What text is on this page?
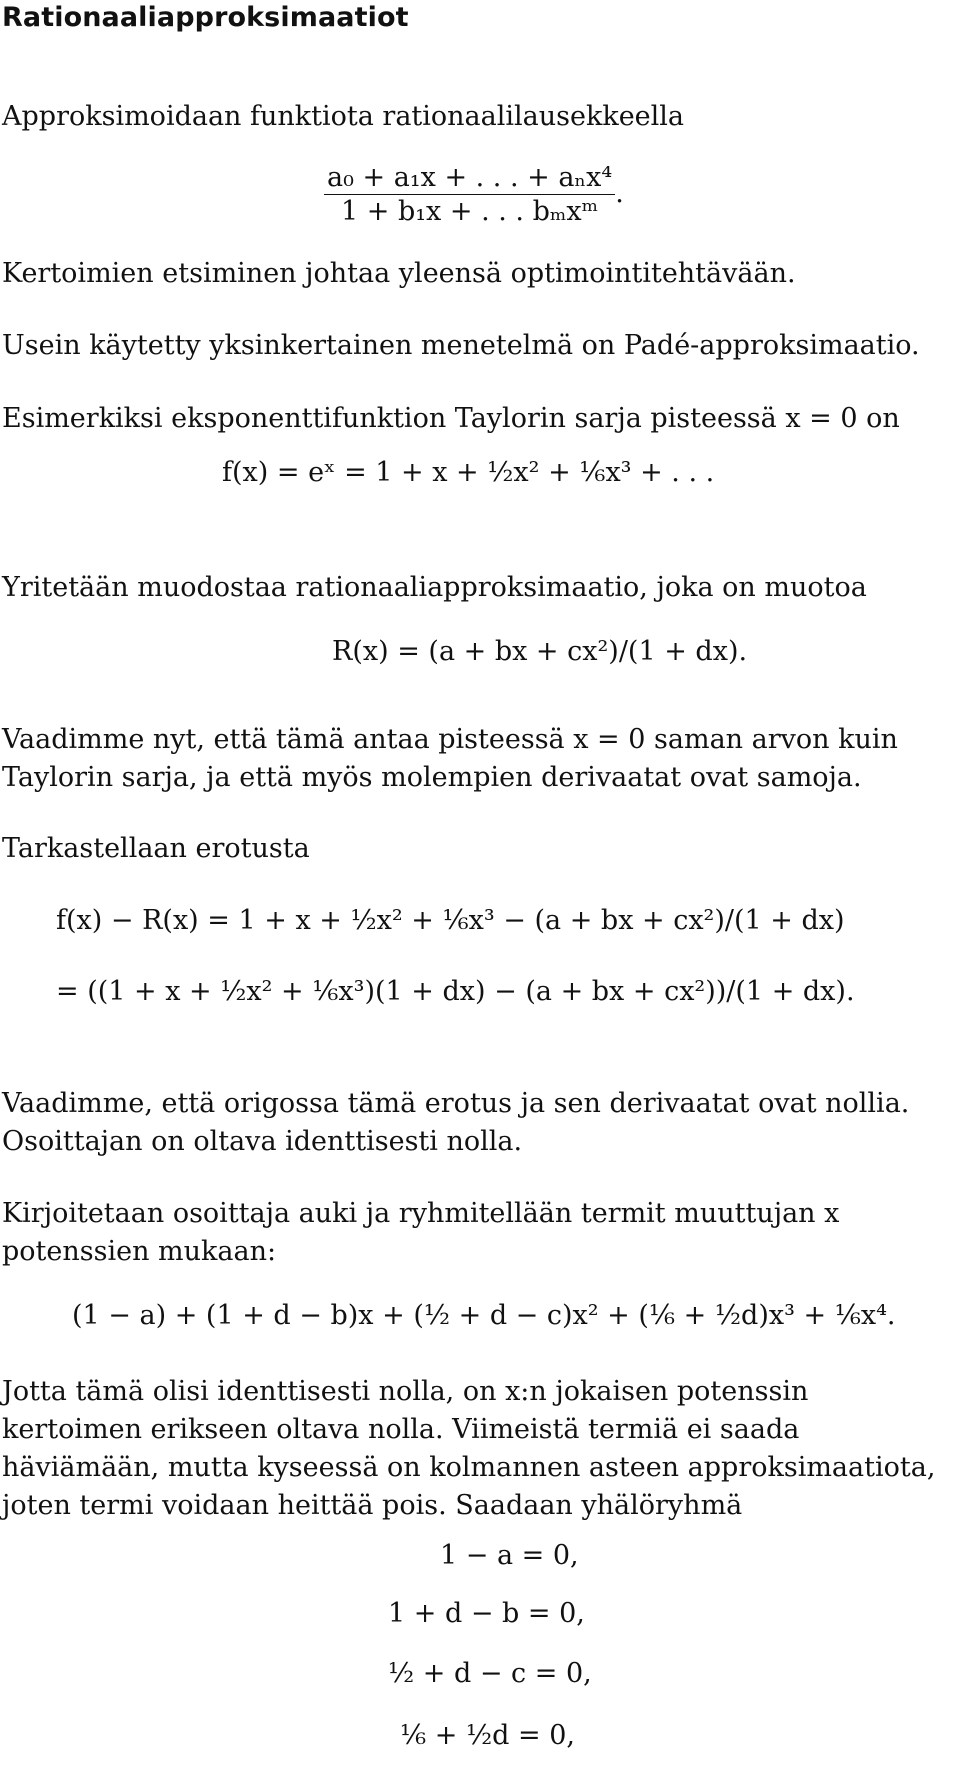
Rationaaliapproksimaatiot
Approksimoidaan funktiota rationaalilausekkeella
$\frac{\text{a₀ + a₁x + . . . + aₙx⁴}}{\text{1 + b₁x + . . . bₘxᵐ}}$ .
Kertoimien etsiminen johtaa yleensä optimointitehtävään.
Usein käytetty yksinkertainen menetelmä on Padé-approksimaatio.
Esimerkiksi eksponenttifunktion Taylorin sarja pisteessä x = 0 on
f(x) = eˣ = 1 + x + ½x² + ⅙x³ + . . .
Yritetään muodostaa rationaaliapproksimaatio, joka on muotoa
R(x) = (a + bx + cx²)/(1 + dx).
Vaadimme nyt, että tämä antaa pisteessä x = 0 saman arvon kuin Taylorin sarja, ja että myös molempien derivaatat ovat samoja.
Tarkastellaan erotusta
f(x) − R(x) = 1 + x + ½x² + ⅙x³ − (a + bx + cx²)/(1 + dx)
= ((1 + x + ½x² + ⅙x³)(1 + dx) − (a + bx + cx²))/(1 + dx).
Vaadimme, että origossa tämä erotus ja sen derivaatat ovat nollia. Osoittajan on oltava identtisesti nolla.
Kirjoitetaan osoittaja auki ja ryhmitellään termit muuttujan x potenssien mukaan:
(1 − a) + (1 + d − b)x + (½ + d − c)x² + (⅙ + ½d)x³ + ⅙x⁴.
Jotta tämä olisi identtisesti nolla, on x:n jokaisen potenssin kertoimen erikseen oltava nolla. Viimeistä termiä ei saada häviämään, mutta kyseessä on kolmannen asteen approksimaatiota, joten termi voidaan heittää pois. Saadaan yhälöryhmä
1 − a = 0,
1 + d − b = 0,
½ + d − c = 0,
⅙ + ½d = 0,
